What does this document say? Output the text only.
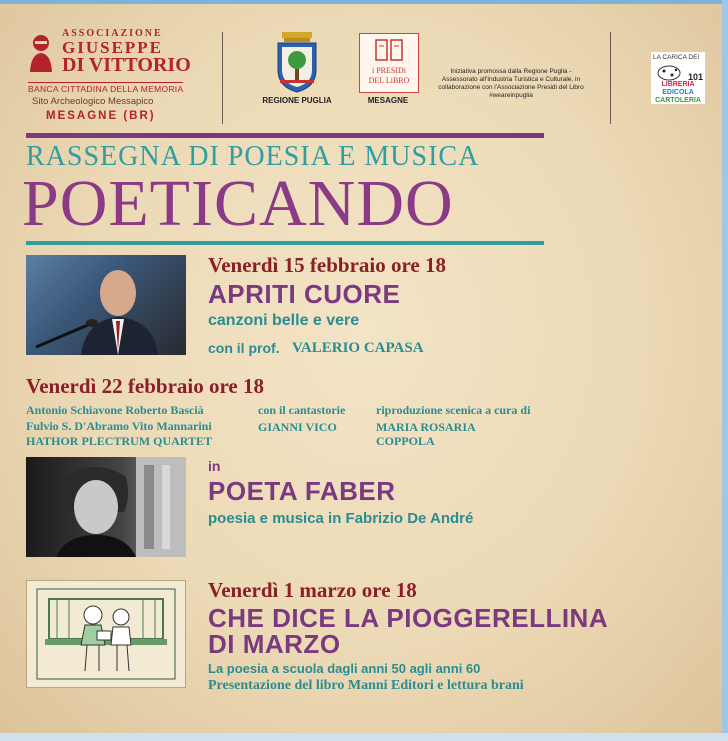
ASSOCIAZIONE
GIUSEPPE
DI VITTORIO
BANCA CITTADINA DELLA MEMORIA
Sito Archeologico Messapico
MESAGNE (BR)
REGIONE PUGLIA
i PRESIDi
DEL LiBRO
MESAGNE
Iniziativa promossa dalla Regione Puglia - Assessorato all'Industria Turistica e Culturale, in collaborazione con l'Associazione Presidi del Libro #weareinpuglia
LA CARICA DEI
101
LIBRERIA
EDICOLA
CARTOLERIA
RASSEGNA DI POESIA E MUSICA
POETICANDO
Venerdì 15 febbraio ore 18
APRITI CUORE
canzoni belle e vere
con il prof. VALERIO CAPASA
Venerdì 22 febbraio ore 18
Antonio Schiavone Roberto Bascià
Fulvio S. D'Abramo Vito Mannarini
HATHOR PLECTRUM QUARTET
con il cantastorie
GIANNI VICO
riproduzione scenica a cura di
MARIA ROSARIA
COPPOLA
in
POETA FABER
poesia e musica in Fabrizio De André
Venerdì 1 marzo ore 18
CHE DICE LA PIOGGERELLINA
DI MARZO
La poesia a scuola dagli anni 50 agli anni 60
Presentazione del libro Manni Editori e lettura brani
